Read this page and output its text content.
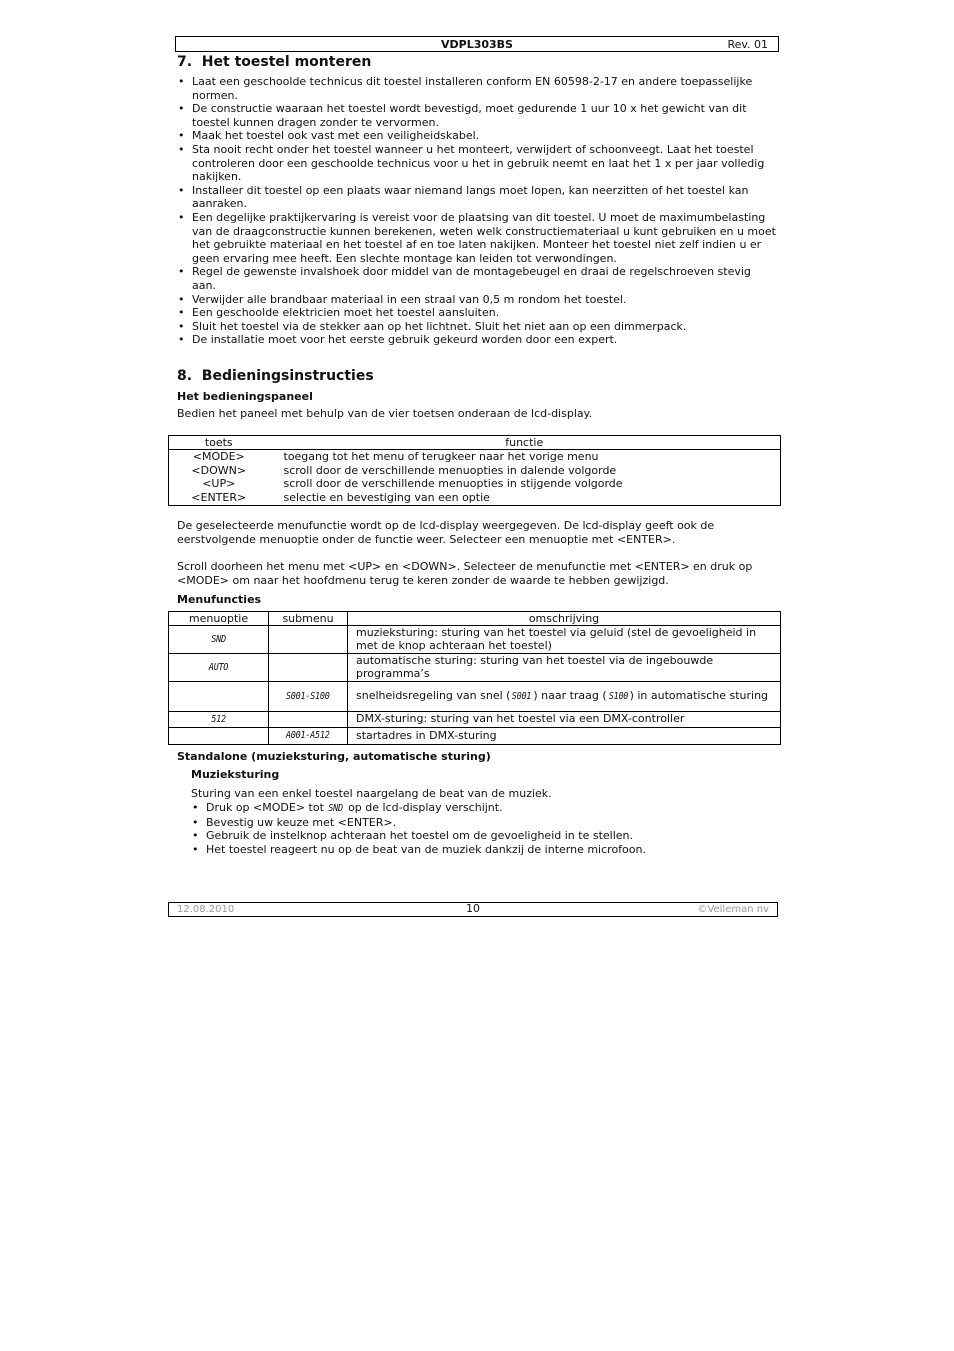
VDPL303BS	Rev. 01
7.  Het toestel monteren
• Laat een geschoolde technicus dit toestel installeren conform EN 60598-2-17 en andere toepasselijke normen.
• De constructie waaraan het toestel wordt bevestigd, moet gedurende 1 uur 10 x het gewicht van dit toestel kunnen dragen zonder te vervormen.
• Maak het toestel ook vast met een veiligheidskabel.
• Sta nooit recht onder het toestel wanneer u het monteert, verwijdert of schoonveegt. Laat het toestel controleren door een geschoolde technicus voor u het in gebruik neemt en laat het 1 x per jaar volledig nakijken.
• Installeer dit toestel op een plaats waar niemand langs moet lopen, kan neerzitten of het toestel kan aanraken.
• Een degelijke praktijkervaring is vereist voor de plaatsing van dit toestel. U moet de maximumbelasting van de draagconstructie kunnen berekenen, weten welk constructiemateriaal u kunt gebruiken en u moet het gebruikte materiaal en het toestel af en toe laten nakijken. Monteer het toestel niet zelf indien u er geen ervaring mee heeft. Een slechte montage kan leiden tot verwondingen.
• Regel de gewenste invalshoek door middel van de montagebeugel en draai de regelschroeven stevig aan.
• Verwijder alle brandbaar materiaal in een straal van 0,5 m rondom het toestel.
• Een geschoolde elektricien moet het toestel aansluiten.
• Sluit het toestel via de stekker aan op het lichtnet. Sluit het niet aan op een dimmerpack.
• De installatie moet voor het eerste gebruik gekeurd worden door een expert.
8.  Bedieningsinstructies
Het bedieningspaneel

Bedien het paneel met behulp van de vier toetsen onderaan de lcd-display.

toets	functie
<MODE>	toegang tot het menu of terugkeer naar het vorige menu
<DOWN>	scroll door de verschillende menuopties in dalende volgorde
<UP>	scroll door de verschillende menuopties in stijgende volgorde
<ENTER>	selectie en bevestiging van een optie

De geselecteerde menufunctie wordt op de lcd-display weergegeven. De lcd-display geeft ook de eerstvolgende menuoptie onder de functie weer. Selecteer een menuoptie met <ENTER>.

Scroll doorheen het menu met <UP> en <DOWN>. Selecteer de menufunctie met <ENTER> en druk op <MODE> om naar het hoofdmenu terug te keren zonder de waarde te hebben gewijzigd.

Menufuncties
menuoptie	submenu	omschrijving
SND		muzieksturing: sturing van het toestel via geluid (stel de gevoeligheid in met de knop achteraan het toestel)
AUTO		automatische sturing: sturing van het toestel via de ingebouwde programma’s
	S001-S100	snelheidsregeling van snel ( S001 ) naar traag ( S100 ) in automatische sturing
512		DMX-sturing: sturing van het toestel via een DMX-controller
	A001-A512	startadres in DMX-sturing
Standalone (muzieksturing, automatische sturing)
Muzieksturing

Sturing van een enkel toestel naargelang de beat van de muziek.

• Druk op <MODE> tot SND op de lcd-display verschijnt.
• Bevestig uw keuze met <ENTER>.
• Gebruik de instelknop achteraan het toestel om de gevoeligheid in te stellen.
• Het toestel reageert nu op de beat van de muziek dankzij de interne microfoon.
12.08.2010	10	©Velleman nv
